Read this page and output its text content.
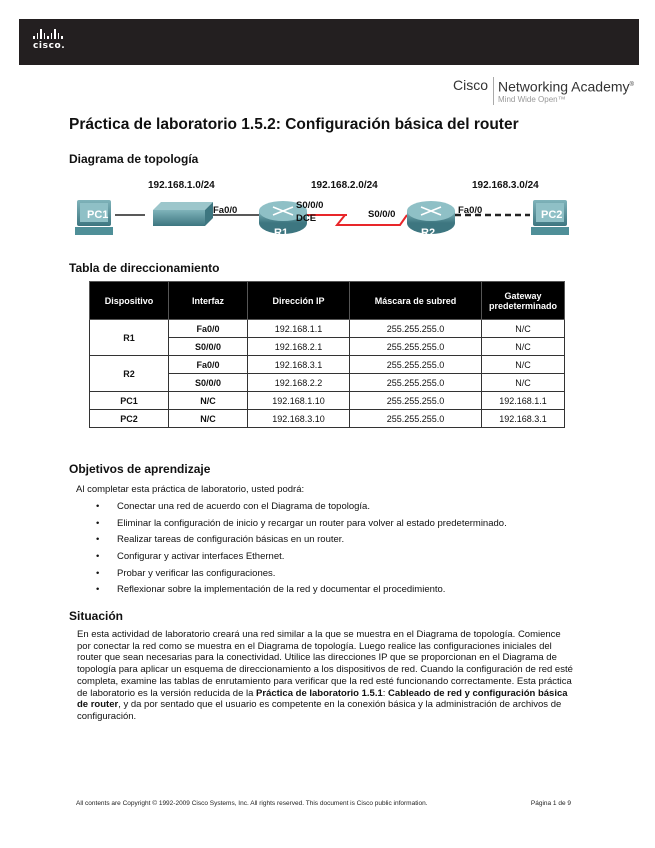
cisco.
Cisco Networking Academy®
Mind Wide Open™
Práctica de laboratorio 1.5.2: Configuración básica del router
Diagrama de topología
192.168.1.0/24	192.168.2.0/24	192.168.3.0/24
PC1	Fa0/0
R1
S0/0/0
DCE	S0/0/0
R2
Fa0/0	PC2
Tabla de direccionamiento
Dispositivo	Interfaz	Dirección IP	Máscara de subred	Gateway predeterminado
R1	Fa0/0	192.168.1.1	255.255.255.0	N/C
	S0/0/0	192.168.2.1	255.255.255.0	N/C
R2	Fa0/0	192.168.3.1	255.255.255.0	N/C
	S0/0/0	192.168.2.2	255.255.255.0	N/C
PC1	N/C	192.168.1.10	255.255.255.0	192.168.1.1
PC2	N/C	192.168.3.10	255.255.255.0	192.168.3.1
Objetivos de aprendizaje
Al completar esta práctica de laboratorio, usted podrá:
• Conectar una red de acuerdo con el Diagrama de topología.
• Eliminar la configuración de inicio y recargar un router para volver al estado predeterminado.
• Realizar tareas de configuración básicas en un router.
• Configurar y activar interfaces Ethernet.
• Probar y verificar las configuraciones.
• Reflexionar sobre la implementación de la red y documentar el procedimiento.
Situación
En esta actividad de laboratorio creará una red similar a la que se muestra en el Diagrama de topología. Comience por conectar la red como se muestra en el Diagrama de topología. Luego realice las configuraciones iniciales del router que sean necesarias para la conectividad. Utilice las direcciones IP que se proporcionan en el Diagrama de topología para aplicar un esquema de direccionamiento a los dispositivos de red. Cuando la configuración de red esté completa, examine las tablas de enrutamiento para verificar que la red esté funcionando correctamente. Esta práctica de laboratorio es la versión reducida de la Práctica de laboratorio 1.5.1: Cableado de red y configuración básica de router, y da por sentado que el usuario es competente en la conexión básica y la administración de archivos de configuración.
All contents are Copyright © 1992-2009 Cisco Systems, Inc. All rights reserved. This document is Cisco public information.	Página 1 de 9
